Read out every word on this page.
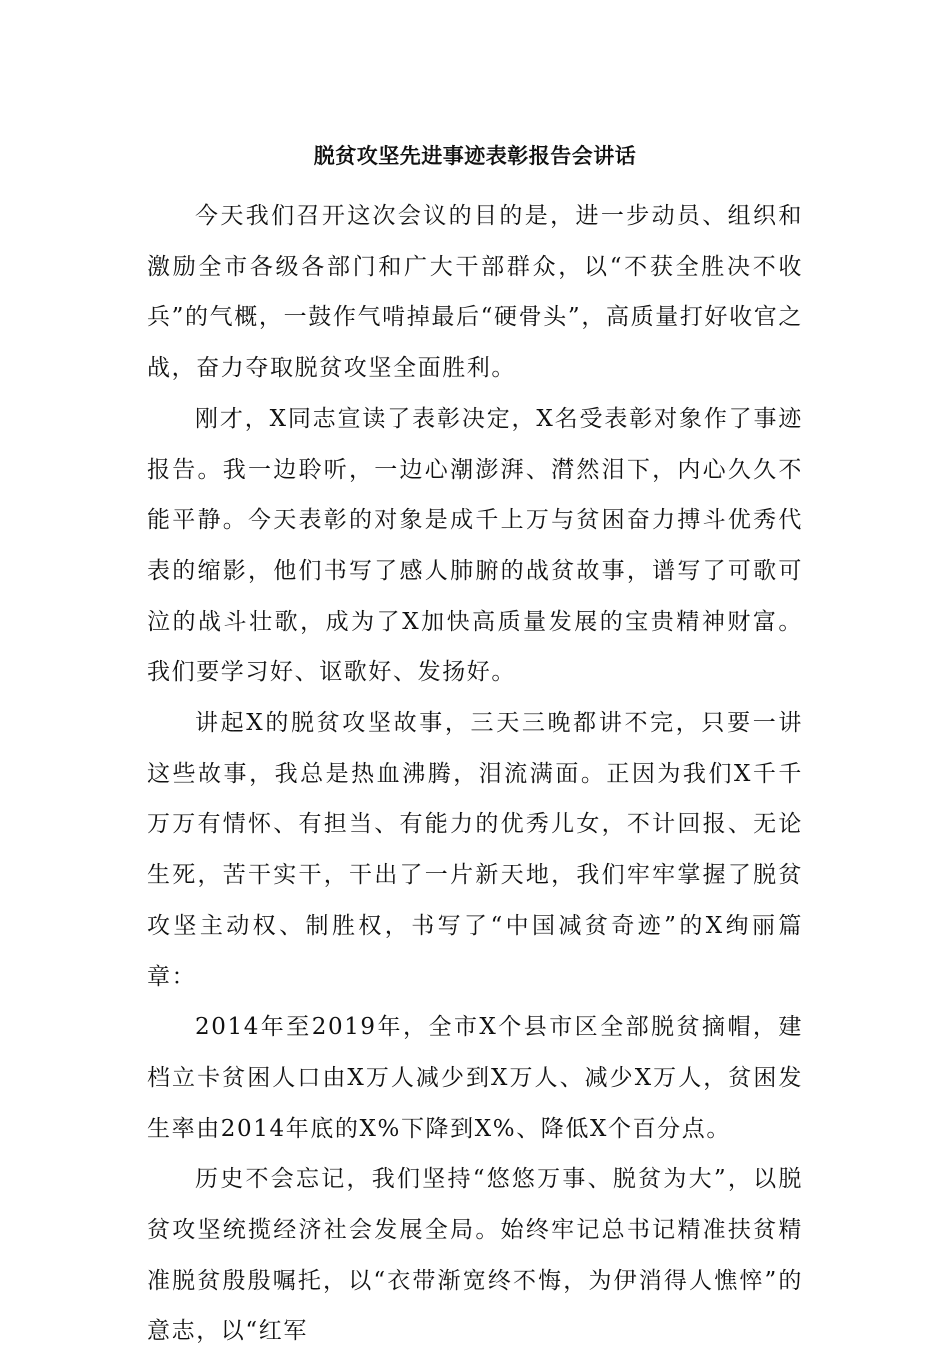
脱贫攻坚先进事迹表彰报告会讲话

今天我们召开这次会议的目的是，进一步动员、组织和激励全市各级各部门和广大干部群众，以“不获全胜决不收兵”的气概，一鼓作气啃掉最后“硬骨头”，高质量打好收官之战，奋力夺取脱贫攻坚全面胜利。

刚才，X同志宣读了表彰决定，X名受表彰对象作了事迹报告。我一边聆听，一边心潮澎湃、潸然泪下，内心久久不能平静。今天表彰的对象是成千上万与贫困奋力搏斗优秀代表的缩影，他们书写了感人肺腑的战贫故事，谱写了可歌可泣的战斗壮歌，成为了X加快高质量发展的宝贵精神财富。我们要学习好、讴歌好、发扬好。

讲起X的脱贫攻坚故事，三天三晚都讲不完，只要一讲这些故事，我总是热血沸腾，泪流满面。正因为我们X千千万万有情怀、有担当、有能力的优秀儿女，不计回报、无论生死，苦干实干，干出了一片新天地，我们牢牢掌握了脱贫攻坚主动权、制胜权，书写了“中国减贫奇迹”的X绚丽篇章：

2014年至2019年，全市X个县市区全部脱贫摘帽，建档立卡贫困人口由X万人减少到X万人、减少X万人，贫困发生率由2014年底的X%下降到X%、降低X个百分点。

历史不会忘记，我们坚持“悠悠万事、脱贫为大”，以脱贫攻坚统揽经济社会发展全局。始终牢记总书记精准扶贫精准脱贫殷殷嘱托，以“衣带渐宽终不悔，为伊消得人憔悴”的意志，以“红军
